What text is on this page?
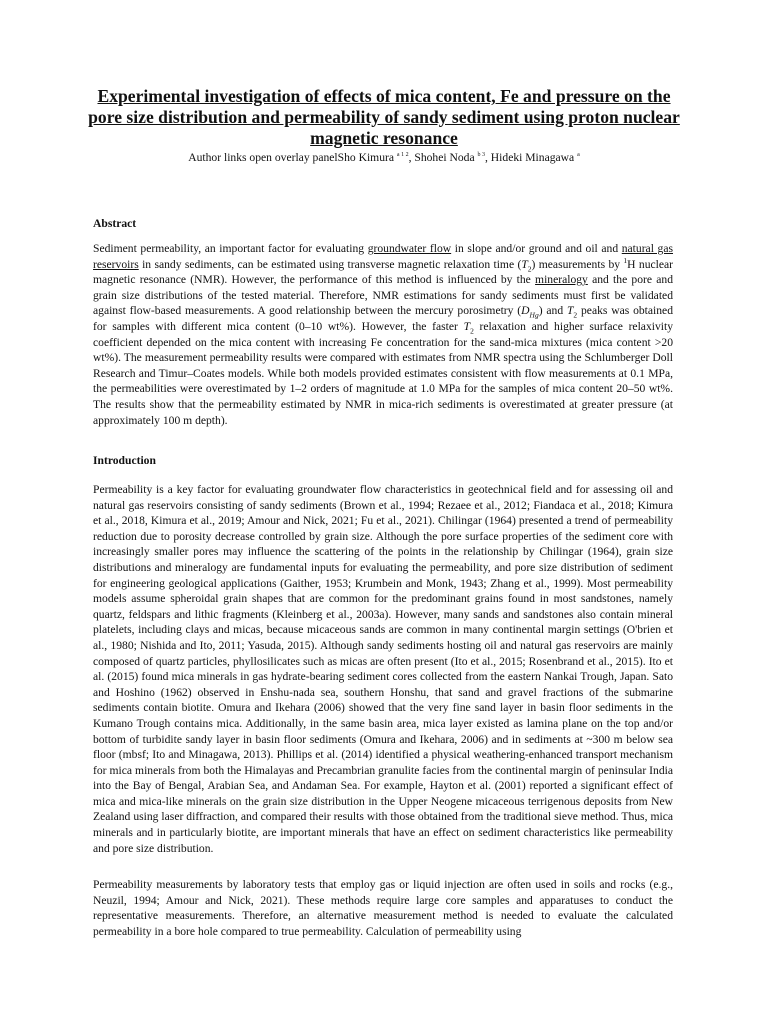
Experimental investigation of effects of mica content, Fe and pressure on the pore size distribution and permeability of sandy sediment using proton nuclear magnetic resonance
Author links open overlay panelSho Kimura $^{a 1 2}$, Shohei Noda $^{b 3}$, Hideki Minagawa $^a$
Abstract
Sediment permeability, an important factor for evaluating groundwater flow in slope and/or ground and oil and natural gas reservoirs in sandy sediments, can be estimated using transverse magnetic relaxation time $(T_2)$ measurements by $^1$H nuclear magnetic resonance (NMR). However, the performance of this method is influenced by the mineralogy and the pore and grain size distributions of the tested material. Therefore, NMR estimations for sandy sediments must first be validated against flow-based measurements. A good relationship between the mercury porosimetry $(D_{Hg})$ and $T_2$ peaks was obtained for samples with different mica content (0–10 wt%). However, the faster $T_2$ relaxation and higher surface relaxivity coefficient depended on the mica content with increasing Fe concentration for the sand-mica mixtures (mica content >20 wt%). The measurement permeability results were compared with estimates from NMR spectra using the Schlumberger Doll Research and Timur–Coates models. While both models provided estimates consistent with flow measurements at 0.1 MPa, the permeabilities were overestimated by 1–2 orders of magnitude at 1.0 MPa for the samples of mica content 20–50 wt%. The results show that the permeability estimated by NMR in mica-rich sediments is overestimated at greater pressure (at approximately 100 m depth).
Introduction
Permeability is a key factor for evaluating groundwater flow characteristics in geotechnical field and for assessing oil and natural gas reservoirs consisting of sandy sediments (Brown et al., 1994; Rezaee et al., 2012; Fiandaca et al., 2018; Kimura et al., 2018, Kimura et al., 2019; Amour and Nick, 2021; Fu et al., 2021). Chilingar (1964) presented a trend of permeability reduction due to porosity decrease controlled by grain size. Although the pore surface properties of the sediment core with increasingly smaller pores may influence the scattering of the points in the relationship by Chilingar (1964), grain size distributions and mineralogy are fundamental inputs for evaluating the permeability, and pore size distribution of sediment for engineering geological applications (Gaither, 1953; Krumbein and Monk, 1943; Zhang et al., 1999). Most permeability models assume spheroidal grain shapes that are common for the predominant grains found in most sandstones, namely quartz, feldspars and lithic fragments (Kleinberg et al., 2003a). However, many sands and sandstones also contain mineral platelets, including clays and micas, because micaceous sands are common in many continental margin settings (O'brien et al., 1980; Nishida and Ito, 2011; Yasuda, 2015). Although sandy sediments hosting oil and natural gas reservoirs are mainly composed of quartz particles, phyllosilicates such as micas are often present (Ito et al., 2015; Rosenbrand et al., 2015). Ito et al. (2015) found mica minerals in gas hydrate-bearing sediment cores collected from the eastern Nankai Trough, Japan. Sato and Hoshino (1962) observed in Enshu-nada sea, southern Honshu, that sand and gravel fractions of the submarine sediments contain biotite. Omura and Ikehara (2006) showed that the very fine sand layer in basin floor sediments in the Kumano Trough contains mica. Additionally, in the same basin area, mica layer existed as lamina plane on the top and/or bottom of turbidite sandy layer in basin floor sediments (Omura and Ikehara, 2006) and in sediments at ~300 m below sea floor (mbsf; Ito and Minagawa, 2013). Phillips et al. (2014) identified a physical weathering-enhanced transport mechanism for mica minerals from both the Himalayas and Precambrian granulite facies from the continental margin of peninsular India into the Bay of Bengal, Arabian Sea, and Andaman Sea. For example, Hayton et al. (2001) reported a significant effect of mica and mica-like minerals on the grain size distribution in the Upper Neogene micaceous terrigenous deposits from New Zealand using laser diffraction, and compared their results with those obtained from the traditional sieve method. Thus, mica minerals and in particularly biotite, are important minerals that have an effect on sediment characteristics like permeability and pore size distribution.
Permeability measurements by laboratory tests that employ gas or liquid injection are often used in soils and rocks (e.g., Neuzil, 1994; Amour and Nick, 2021). These methods require large core samples and apparatuses to conduct the representative measurements. Therefore, an alternative measurement method is needed to evaluate the calculated permeability in a bore hole compared to true permeability. Calculation of permeability using
